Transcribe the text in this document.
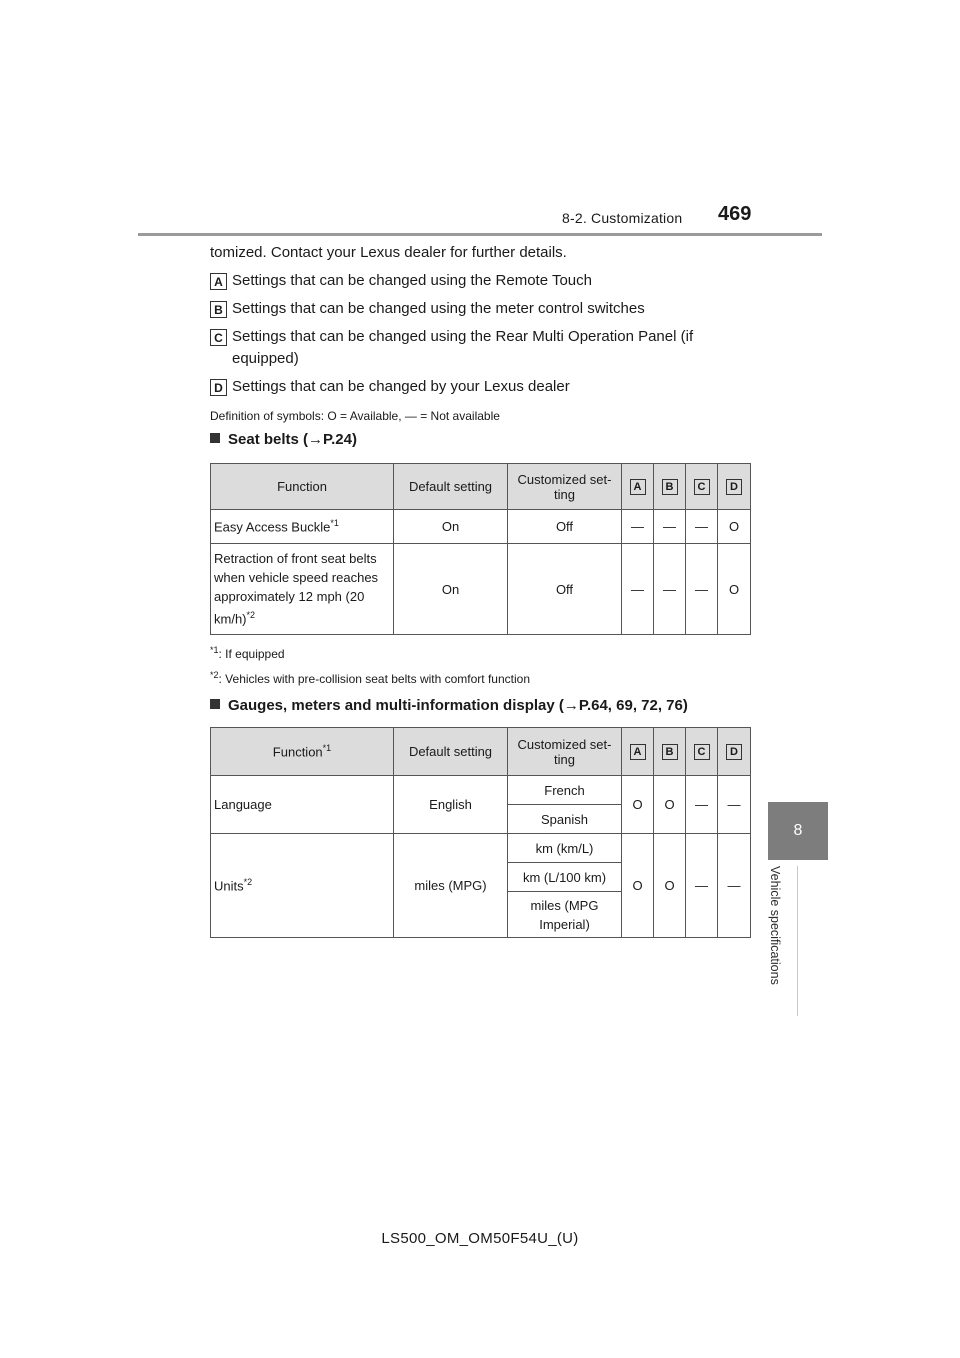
8-2. Customization 469
8
Vehicle specifications
tomized. Contact your Lexus dealer for further details.
A Settings that can be changed using the Remote Touch
B Settings that can be changed using the meter control switches
C Settings that can be changed using the Rear Multi Operation Panel (if
equipped)
D Settings that can be changed by your Lexus dealer
Definition of symbols: O = Available, — = Not available
Seat belts (→P.24)
Function	Default setting	Customized set-ting	A	B	C	D
Easy Access Buckle$^{*1}$	On	Off	—	—	—	O
Retraction of front seat belts when vehicle speed reaches approximately 12 mph (20 km/h)$^{*2}$	On	Off	—	—	—	O
$^{*1}$: If equipped
$^{*2}$: Vehicles with pre-collision seat belts with comfort function
Gauges, meters and multi-information display (→P.64, 69, 72, 76)
Function$^{*1}$	Default setting	Customized set-ting	A	B	C	D
Language	English	French	O	O	—	—
		Spanish				
Units$^{*2}$	miles (MPG)	km (km/L)	O	O	—	—
		km (L/100 km)				
		miles (MPG Imperial)				
LS500_OM_OM50F54U_(U)
